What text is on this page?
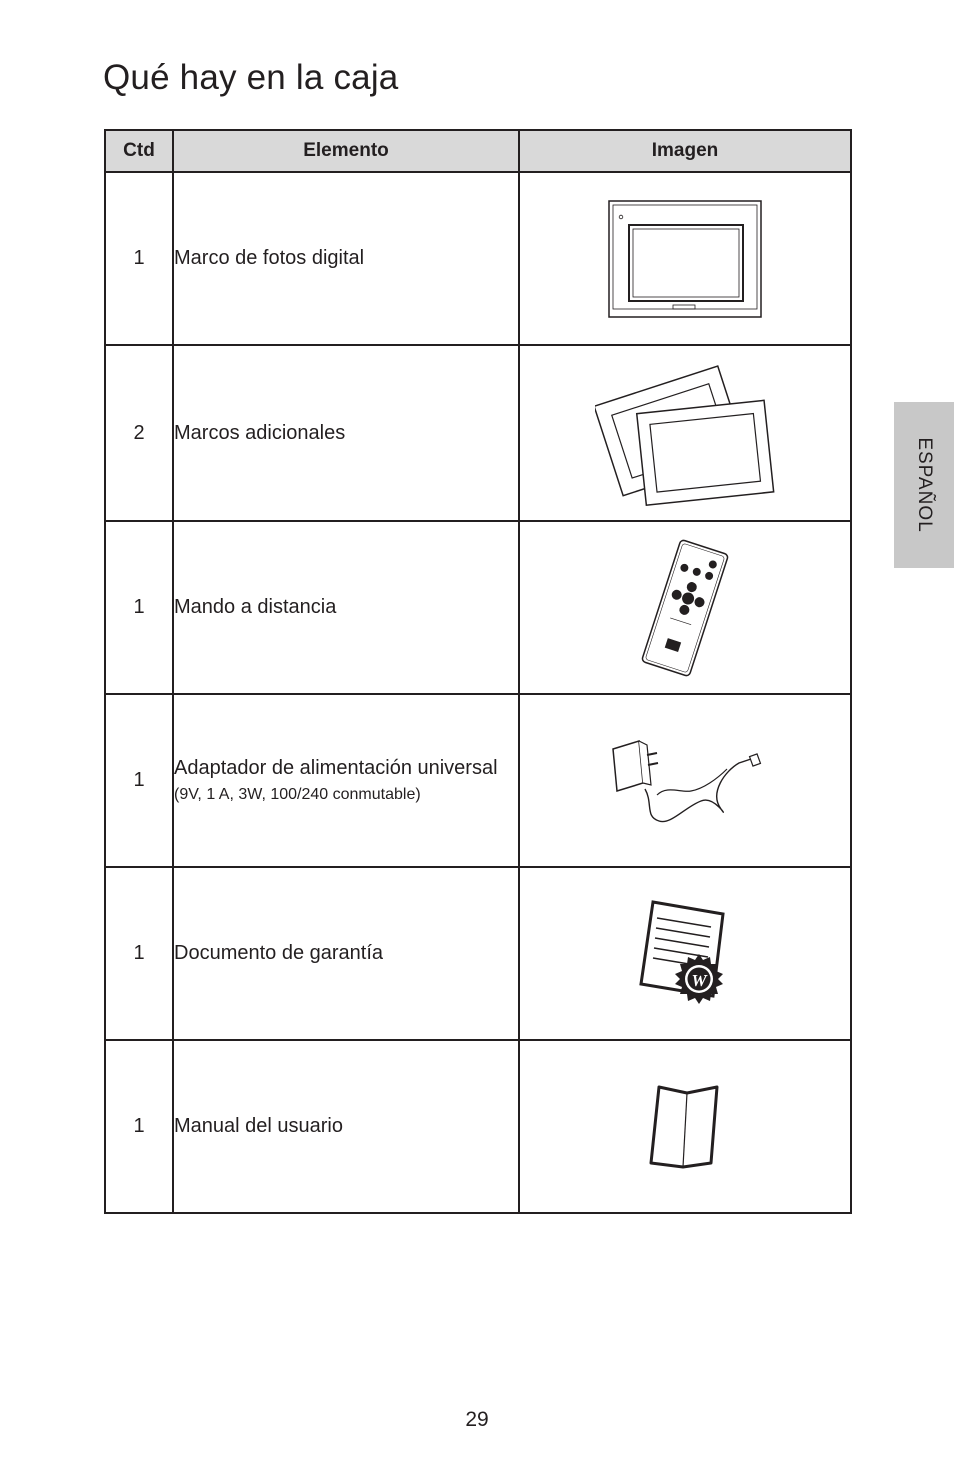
Qué hay en la caja
Ctd	Elemento	Imagen
1	Marco de fotos digital	
2	Marcos adicionales	
1	Mando a distancia	
1	Adaptador de alimentación universal
(9V, 1 A, 3W, 100/240 conmutable)

1	Documento de garantía	W

1	Manual del usuario	
ESPAÑOL
29
